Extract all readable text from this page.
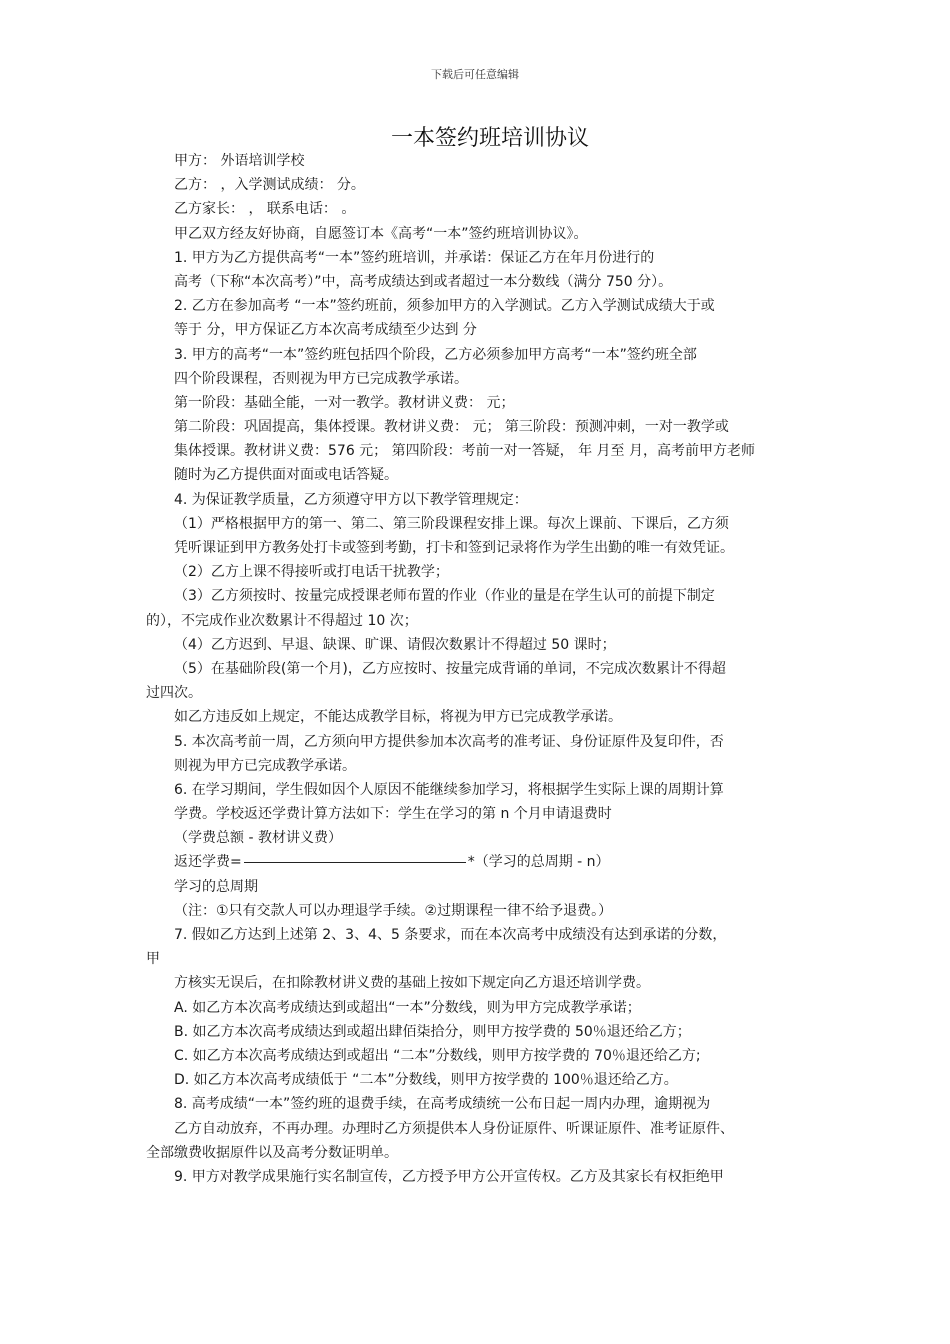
下载后可任意编辑
一本签约班培训协议
甲方： 外语培训学校
乙方： ，入学测试成绩： 分。
乙方家长： ， 联系电话： 。
甲乙双方经友好协商，自愿签订本《高考“一本”签约班培训协议》。
1. 甲方为乙方提供高考“一本”签约班培训，并承诺：保证乙方在年月份进行的
高考（下称“本次高考）”中，高考成绩达到或者超过一本分数线（满分 750 分）。
2. 乙方在参加高考 “一本”签约班前，须参加甲方的入学测试。乙方入学测试成绩大于或
等于 分，甲方保证乙方本次高考成绩至少达到 分
3. 甲方的高考“一本”签约班包括四个阶段，乙方必须参加甲方高考“一本”签约班全部
四个阶段课程，否则视为甲方已完成教学承诺。
第一阶段：基础全能，一对一教学。教材讲义费： 元；
第二阶段：巩固提高，集体授课。教材讲义费： 元； 第三阶段：预测冲刺，一对一教学或
集体授课。教材讲义费：576 元； 第四阶段：考前一对一答疑， 年 月至 月，高考前甲方老师
随时为乙方提供面对面或电话答疑。
4. 为保证教学质量，乙方须遵守甲方以下教学管理规定：
（1）严格根据甲方的第一、第二、第三阶段课程安排上课。每次上课前、下课后，乙方须
凭听课证到甲方教务处打卡或签到考勤，打卡和签到记录将作为学生出勤的唯一有效凭证。
（2）乙方上课不得接听或打电话干扰教学；
（3）乙方须按时、按量完成授课老师布置的作业（作业的量是在学生认可的前提下制定
的），不完成作业次数累计不得超过 10 次；
（4）乙方迟到、早退、缺课、旷课、请假次数累计不得超过 50 课时；
（5）在基础阶段(第一个月)，乙方应按时、按量完成背诵的单词，不完成次数累计不得超
过四次。
如乙方违反如上规定，不能达成教学目标，将视为甲方已完成教学承诺。
5. 本次高考前一周，乙方须向甲方提供参加本次高考的准考证、身份证原件及复印件，否
则视为甲方已完成教学承诺。
6. 在学习期间，学生假如因个人原因不能继续参加学习，将根据学生实际上课的周期计算
学费。学校返还学费计算方法如下：学生在学习的第 n 个月申请退费时
（学费总额 - 教材讲义费）
返还学费=	*（学习的总周期 - n）
学习的总周期
（注：①只有交款人可以办理退学手续。②过期课程一律不给予退费。）
7. 假如乙方达到上述第 2、3、4、5 条要求，而在本次高考中成绩没有达到承诺的分数，
甲
方核实无误后，在扣除教材讲义费的基础上按如下规定向乙方退还培训学费。
A. 如乙方本次高考成绩达到或超出“一本”分数线，则为甲方完成教学承诺；
B. 如乙方本次高考成绩达到或超出肆佰柒拾分，则甲方按学费的 50％退还给乙方；
C. 如乙方本次高考成绩达到或超出 “二本”分数线，则甲方按学费的 70％退还给乙方;
D. 如乙方本次高考成绩低于 “二本”分数线，则甲方按学费的 100％退还给乙方。
8. 高考成绩“一本”签约班的退费手续，在高考成绩统一公布日起一周内办理，逾期视为
乙方自动放弃，不再办理。办理时乙方须提供本人身份证原件、听课证原件、准考证原件、
全部缴费收据原件以及高考分数证明单。
9. 甲方对教学成果施行实名制宣传，乙方授予甲方公开宣传权。乙方及其家长有权拒绝甲
